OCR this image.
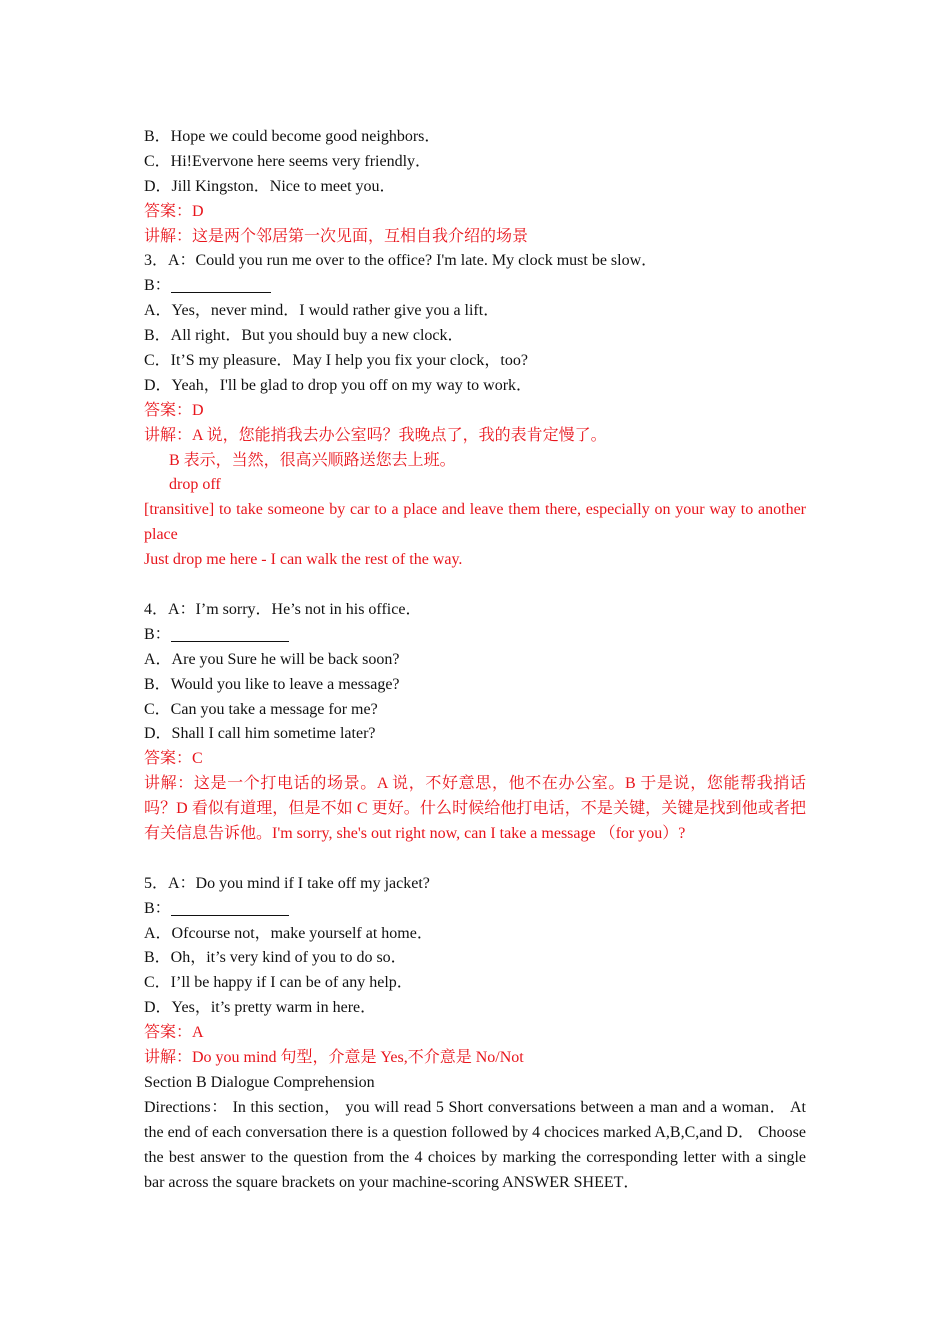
B．Hope we could become good neighbors．
C．Hi!Evervone here seems very friendly．
D．Jill Kingston．Nice to meet you．
答案：D
讲解：这是两个邻居第一次见面，互相自我介绍的场景
3．A：Could you run me over to the office? I'm late. My clock must be slow．
B：
A．Yes，never mind．I would rather give you a lift．
B．All right．But you should buy a new clock．
C．It’S my pleasure．May I help you fix your clock，too?
D．Yeah，I'll be glad to drop you off on my way to work．
答案：D
讲解：A 说，您能捎我去办公室吗？我晚点了，我的表肯定慢了。
B 表示，当然，很高兴顺路送您去上班。
drop off
[transitive] to take someone by car to a place and leave them there, especially on your way to another place
Just drop me here - I can walk the rest of the way.
4．A：I’m sorry．He’s not in his office．
B：
A．Are you Sure he will be back soon?
B．Would you like to leave a message?
C．Can you take a message for me?
D．Shall I call him sometime later?
答案：C
讲解：这是一个打电话的场景。A 说，不好意思，他不在办公室。B 于是说，您能帮我捎话吗？D 看似有道理，但是不如 C 更好。什么时候给他打电话，不是关键，关键是找到他或者把有关信息告诉他。I'm sorry, she's out right now, can I take a message （for you）?
5．A：Do you mind if I take off my jacket?
B：
A．Ofcourse not，make yourself at home．
B．Oh，it’s very kind of you to do so．
C．I’ll be happy if I can be of any help．
D．Yes，it’s pretty warm in here．
答案：A
讲解：Do you mind 句型，介意是 Yes,不介意是 No/Not
Section B Dialogue Comprehension
Directions： In this section， you will read 5 Short conversations between a man and a woman． At the end of each conversation there is a question followed by 4 chocices marked A,B,C,and D． Choose the best answer to the question from the 4 choices by marking the corresponding letter with a single bar across the square brackets on your machine-scoring ANSWER SHEET．
